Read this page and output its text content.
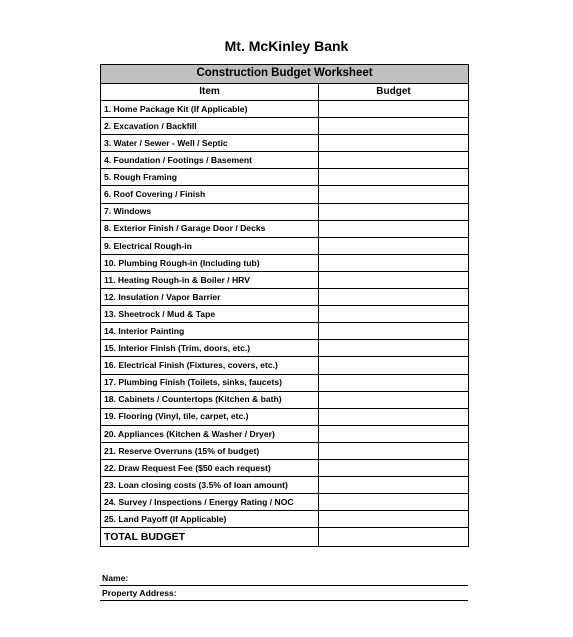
Mt. McKinley Bank
Construction Budget Worksheet	
Item	Budget
1. Home Package Kit (If Applicable)	
2. Excavation / Backfill	
3. Water / Sewer - Well / Septic	
4. Foundation / Footings / Basement	
5. Rough Framing	
6. Roof Covering / Finish	
7. Windows	
8. Exterior Finish / Garage Door / Decks	
9. Electrical Rough-in	
10. Plumbing Rough-in (Including tub)	
11. Heating Rough-in & Boiler / HRV	
12. Insulation / Vapor Barrier	
13. Sheetrock / Mud & Tape	
14. Interior Painting	
15. Interior Finish (Trim, doors, etc.)	
16. Electrical Finish (Fixtures, covers, etc.)	
17. Plumbing Finish (Toilets, sinks, faucets)	
18. Cabinets / Countertops (Kitchen & bath)	
19. Flooring (Vinyl, tile, carpet, etc.)	
20. Appliances (Kitchen & Washer / Dryer)	
21. Reserve Overruns (15% of budget)	
22. Draw Request Fee ($50 each request)	
23. Loan closing costs (3.5% of loan amount)	
24. Survey / Inspections / Energy Rating / NOC	
25. Land Payoff (If Applicable)	
TOTAL BUDGET	
Name:
Property Address:
